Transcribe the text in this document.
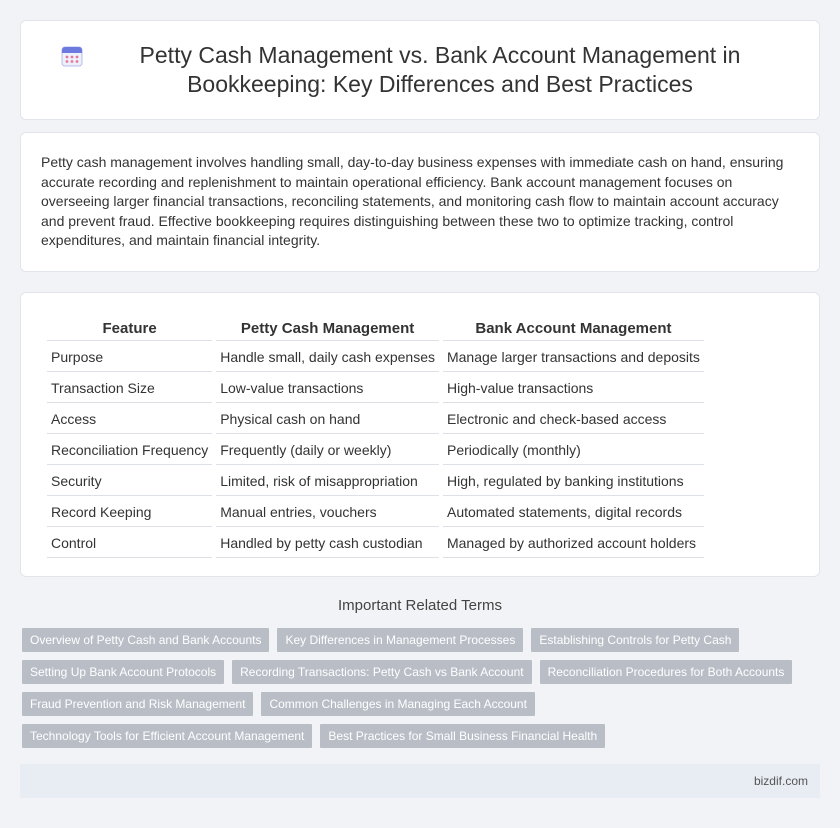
Petty Cash Management vs. Bank Account Management in Bookkeeping: Key Differences and Best Practices

Petty cash management involves handling small, day-to-day business expenses with immediate cash on hand, ensuring accurate recording and replenishment to maintain operational efficiency. Bank account management focuses on overseeing larger financial transactions, reconciling statements, and monitoring cash flow to maintain account accuracy and prevent fraud. Effective bookkeeping requires distinguishing between these two to optimize tracking, control expenditures, and maintain financial integrity.

Feature	Petty Cash Management	Bank Account Management
Purpose	Handle small, daily cash expenses	Manage larger transactions and deposits
Transaction Size	Low-value transactions	High-value transactions
Access	Physical cash on hand	Electronic and check-based access
Reconciliation Frequency	Frequently (daily or weekly)	Periodically (monthly)
Security	Limited, risk of misappropriation	High, regulated by banking institutions
Record Keeping	Manual entries, vouchers	Automated statements, digital records
Control	Handled by petty cash custodian	Managed by authorized account holders
Important Related Terms
Overview of Petty Cash and Bank Accounts	Key Differences in Management Processes	Establishing Controls for Petty Cash
Setting Up Bank Account Protocols	Recording Transactions: Petty Cash vs Bank Account	Reconciliation Procedures for Both Accounts
Fraud Prevention and Risk Management	Common Challenges in Managing Each Account
Technology Tools for Efficient Account Management	Best Practices for Small Business Financial Health
bizdif.com
